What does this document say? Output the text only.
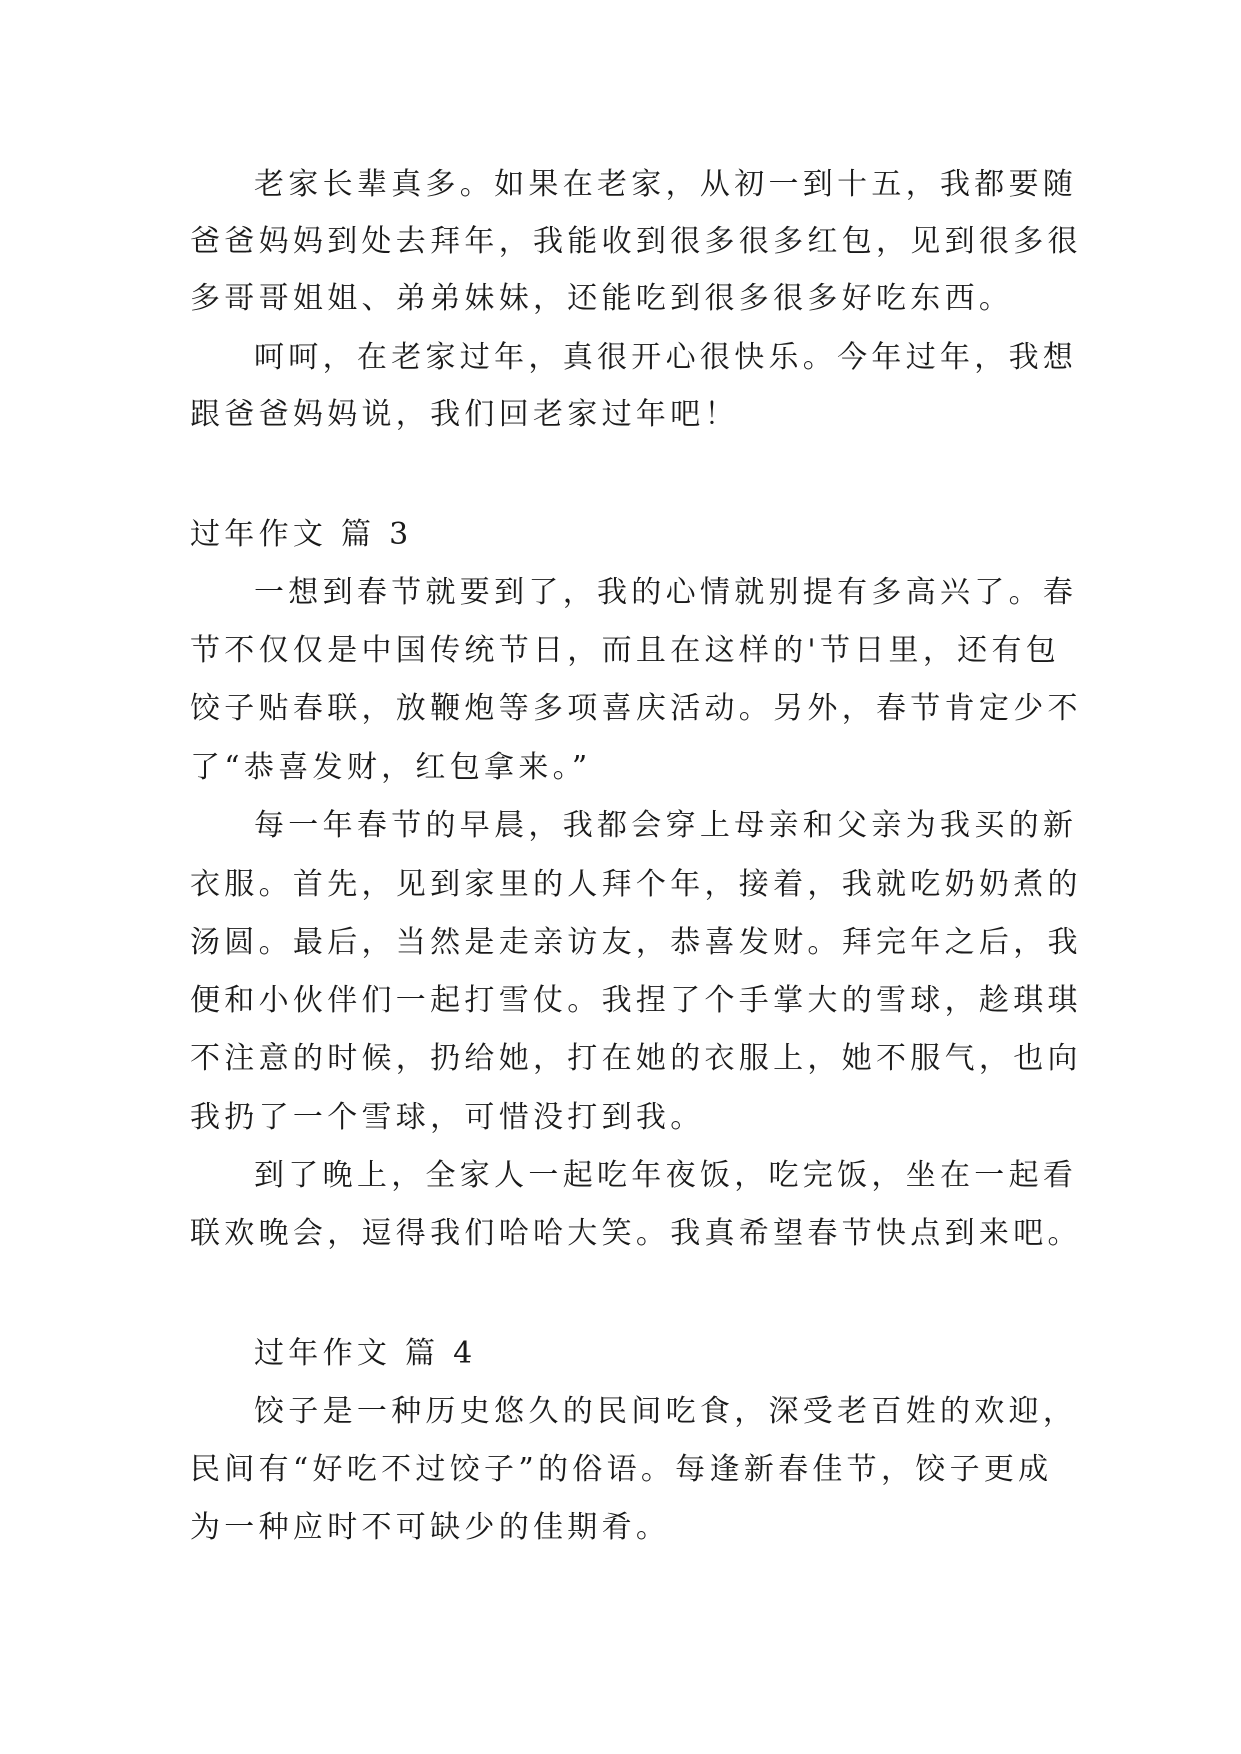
老家长辈真多。如果在老家，从初一到十五，我都要随
爸爸妈妈到处去拜年，我能收到很多很多红包，见到很多很
多哥哥姐姐、弟弟妹妹，还能吃到很多很多好吃东西。
呵呵，在老家过年，真很开心很快乐。今年过年，我想
跟爸爸妈妈说，我们回老家过年吧！
过年作文 篇 3
一想到春节就要到了，我的心情就别提有多高兴了。春
节不仅仅是中国传统节日，而且在这样的'节日里，还有包
饺子贴春联，放鞭炮等多项喜庆活动。另外，春节肯定少不
了“恭喜发财，红包拿来。”
每一年春节的早晨，我都会穿上母亲和父亲为我买的新
衣服。首先，见到家里的人拜个年，接着，我就吃奶奶煮的
汤圆。最后，当然是走亲访友，恭喜发财。拜完年之后，我
便和小伙伴们一起打雪仗。我捏了个手掌大的雪球，趁琪琪
不注意的时候，扔给她，打在她的衣服上，她不服气，也向
我扔了一个雪球，可惜没打到我。
到了晚上，全家人一起吃年夜饭，吃完饭，坐在一起看
联欢晚会，逗得我们哈哈大笑。我真希望春节快点到来吧。
过年作文 篇 4
饺子是一种历史悠久的民间吃食，深受老百姓的欢迎，
民间有“好吃不过饺子”的俗语。每逢新春佳节，饺子更成
为一种应时不可缺少的佳期肴。
